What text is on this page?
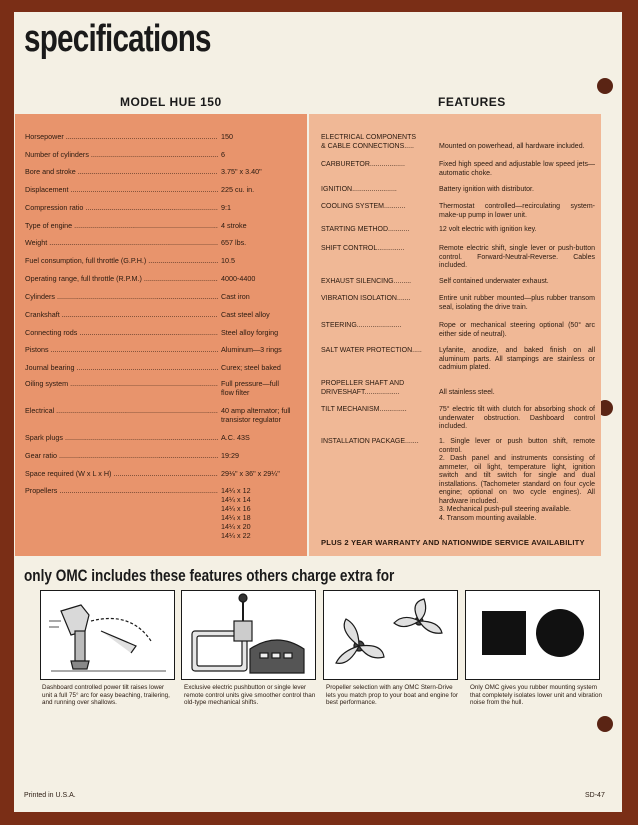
specifications
MODEL HUE 150	FEATURES
Horsepower .....	150
Number of cylinders .....	6
Bore and stroke .....	3.75" x 3.40"
Displacement .....	225 cu. in.
Compression ratio .....	9:1
Type of engine .....	4 stroke
Weight .....	657 lbs.
Fuel consumption, full throttle (G.P.H.) .....	10.5
Operating range, full throttle (R.P.M.) .....	4000-4400
Cylinders .....	Cast iron
Crankshaft .....	Cast steel alloy
Connecting rods .....	Steel alloy forging
Pistons .....	Aluminum—3 rings
Journal bearing .....	Curex; steel baked
Oiling system .....	Full pressure—full
flow filter
Electrical .....	40 amp alternator; full
transistor regulator
Spark plugs .....	A.C. 43S
Gear ratio .....	19:29
Space required (W x L x H) .....	29⅛" x 36" x 29¼"
Propellers .....	14¼ x 12
14¼ x 14
14¼ x 16
14¼ x 18
14¼ x 20
14¼ x 22
PLUS 2 YEAR WARRANTY AND NATIONWIDE SERVICE AVAILABILITY
ELECTRICAL COMPONENTS
& CABLE CONNECTIONS.....	
Mounted on powerhead, all hardware included.
CARBURETOR..................	Fixed high speed and adjustable low speed jets—automatic choke.
IGNITION.......................	Battery ignition with distributor.
COOLING SYSTEM...........	Thermostat controlled—recirculating system-make-up pump in lower unit.
STARTING METHOD...........	12 volt electric with ignition key.
SHIFT CONTROL..............	Remote electric shift, single lever or push-button control. Forward-Neutral-Reverse. Cables included.
EXHAUST SILENCING.........	Self contained underwater exhaust.
VIBRATION ISOLATION.......	Entire unit rubber mounted—plus rubber transom seal, isolating the drive train.
STEERING.......................	Rope or mechanical steering optional (50° arc either side of neutral).
SALT WATER PROTECTION.....	Lyfanite, anodize, and baked finish on all aluminum parts. All stampings are stainless or cadmium plated.
PROPELLER SHAFT AND
DRIVESHAFT..................	
All stainless steel.
TILT MECHANISM..............	75° electric tilt with clutch for absorbing shock of underwater obstruction. Dashboard control included.
INSTALLATION PACKAGE.......	1. Single lever or push button shift, remote control.
2. Dash panel and instruments consisting of ammeter, oil light, temperature light, ignition switch and tilt switch for single and dual installations. (Tachometer standard on four cycle engine; optional on two cycle engines). All hardware included.
3. Mechanical push-pull steering available.
4. Transom mounting available.
only OMC includes these features others charge extra for
Dashboard controlled power tilt raises lower unit a full 75° arc for easy beaching, trailering, and running over shallows.
Exclusive electric pushbutton or single lever remote control units give smoother control than old-type mechanical shifts.
Propeller selection with any OMC Stern-Drive lets you match prop to your boat and engine for best performance.
Only OMC gives you rubber mounting system that completely isolates lower unit and vibration noise from the hull.
Printed in U.S.A.	SD-47
